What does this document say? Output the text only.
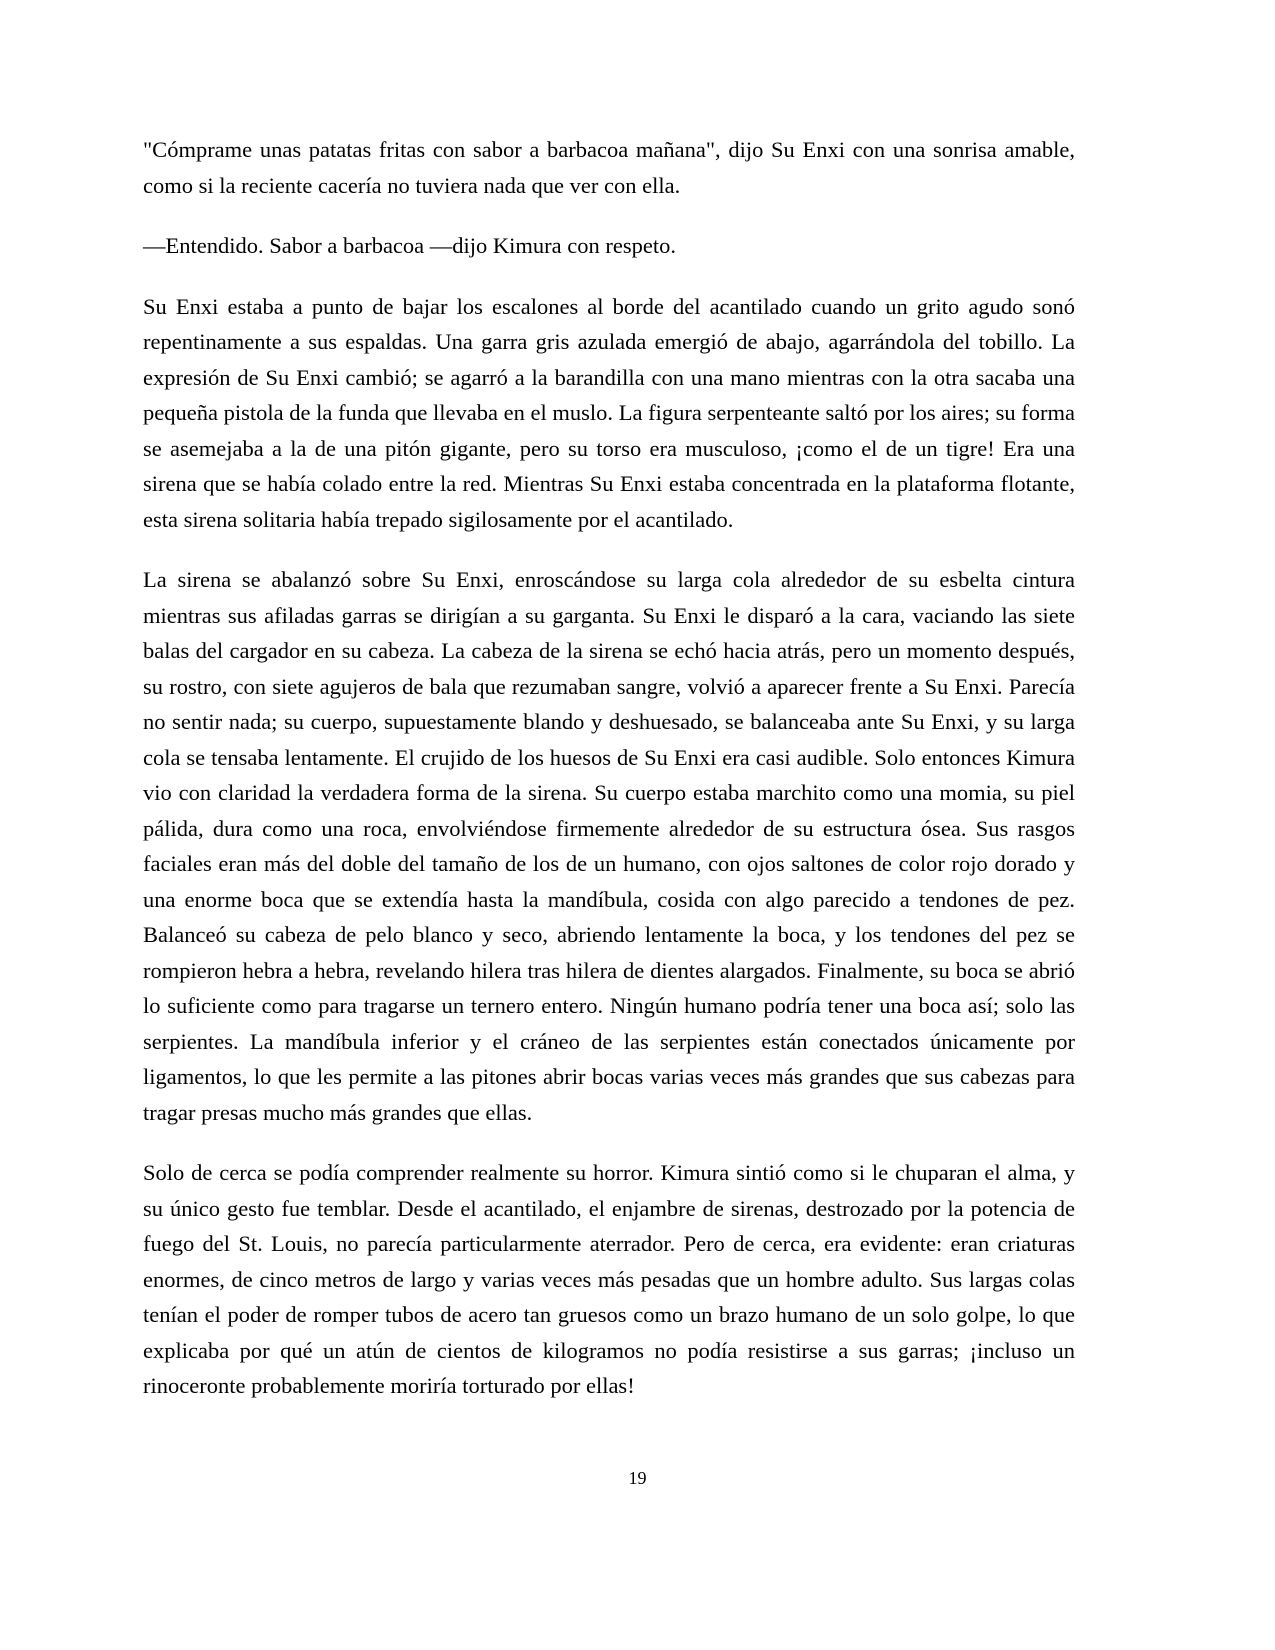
"Cómprame unas patatas fritas con sabor a barbacoa mañana", dijo Su Enxi con una sonrisa amable, como si la reciente cacería no tuviera nada que ver con ella.

—Entendido. Sabor a barbacoa —dijo Kimura con respeto.

Su Enxi estaba a punto de bajar los escalones al borde del acantilado cuando un grito agudo sonó repentinamente a sus espaldas. Una garra gris azulada emergió de abajo, agarrándola del tobillo. La expresión de Su Enxi cambió; se agarró a la barandilla con una mano mientras con la otra sacaba una pequeña pistola de la funda que llevaba en el muslo. La figura serpenteante saltó por los aires; su forma se asemejaba a la de una pitón gigante, pero su torso era musculoso, ¡como el de un tigre! Era una sirena que se había colado entre la red. Mientras Su Enxi estaba concentrada en la plataforma flotante, esta sirena solitaria había trepado sigilosamente por el acantilado.

La sirena se abalanzó sobre Su Enxi, enroscándose su larga cola alrededor de su esbelta cintura mientras sus afiladas garras se dirigían a su garganta. Su Enxi le disparó a la cara, vaciando las siete balas del cargador en su cabeza. La cabeza de la sirena se echó hacia atrás, pero un momento después, su rostro, con siete agujeros de bala que rezumaban sangre, volvió a aparecer frente a Su Enxi. Parecía no sentir nada; su cuerpo, supuestamente blando y deshuesado, se balanceaba ante Su Enxi, y su larga cola se tensaba lentamente. El crujido de los huesos de Su Enxi era casi audible. Solo entonces Kimura vio con claridad la verdadera forma de la sirena. Su cuerpo estaba marchito como una momia, su piel pálida, dura como una roca, envolviéndose firmemente alrededor de su estructura ósea. Sus rasgos faciales eran más del doble del tamaño de los de un humano, con ojos saltones de color rojo dorado y una enorme boca que se extendía hasta la mandíbula, cosida con algo parecido a tendones de pez. Balanceó su cabeza de pelo blanco y seco, abriendo lentamente la boca, y los tendones del pez se rompieron hebra a hebra, revelando hilera tras hilera de dientes alargados. Finalmente, su boca se abrió lo suficiente como para tragarse un ternero entero. Ningún humano podría tener una boca así; solo las serpientes. La mandíbula inferior y el cráneo de las serpientes están conectados únicamente por ligamentos, lo que les permite a las pitones abrir bocas varias veces más grandes que sus cabezas para tragar presas mucho más grandes que ellas.

Solo de cerca se podía comprender realmente su horror. Kimura sintió como si le chuparan el alma, y su único gesto fue temblar. Desde el acantilado, el enjambre de sirenas, destrozado por la potencia de fuego del St. Louis, no parecía particularmente aterrador. Pero de cerca, era evidente: eran criaturas enormes, de cinco metros de largo y varias veces más pesadas que un hombre adulto. Sus largas colas tenían el poder de romper tubos de acero tan gruesos como un brazo humano de un solo golpe, lo que explicaba por qué un atún de cientos de kilogramos no podía resistirse a sus garras; ¡incluso un rinoceronte probablemente moriría torturado por ellas!

19
